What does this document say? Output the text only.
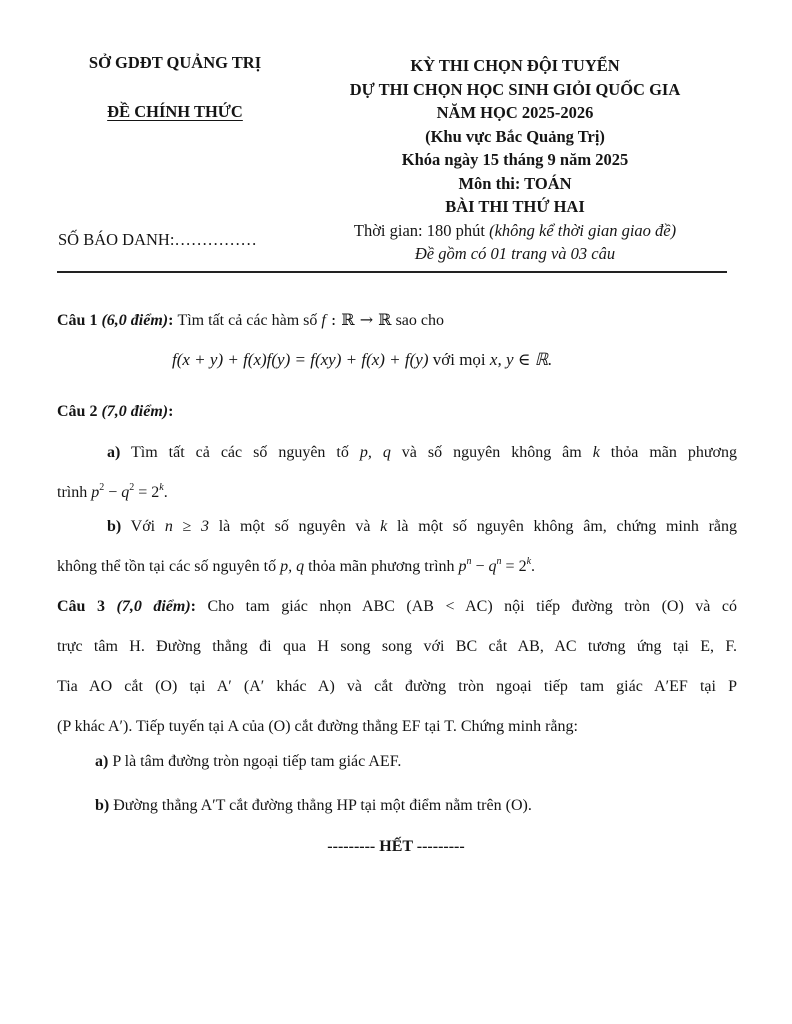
SỞ GDĐT QUẢNG TRỊ
ĐỀ CHÍNH THỨC
SỐ BÁO DANH:……………
KỲ THI CHỌN ĐỘI TUYỂN
DỰ THI CHỌN HỌC SINH GIỎI QUỐC GIA
NĂM HỌC 2025-2026
(Khu vực Bắc Quảng Trị)
Khóa ngày 15 tháng 9 năm 2025
Môn thi: TOÁN
BÀI THI THỨ HAI
Thời gian: 180 phút (không kể thời gian giao đề)
Đề gồm có 01 trang và 03 câu
Câu 1 (6,0 điểm): Tìm tất cả các hàm số f : ℝ → ℝ sao cho
f(x + y) + f(x)f(y) = f(xy) + f(x) + f(y) với mọi x, y ∈ ℝ.
Câu 2 (7,0 điểm):
a) Tìm tất cả các số nguyên tố p, q và số nguyên không âm k thỏa mãn phương
trình $p^2 - q^2 = 2^k$.
b) Với n ≥ 3 là một số nguyên và k là một số nguyên không âm, chứng minh rằng
không thể tồn tại các số nguyên tố p, q thỏa mãn phương trình $p^n - q^n = 2^k$.
Câu 3 (7,0 điểm): Cho tam giác nhọn ABC (AB < AC) nội tiếp đường tròn (O) và có
trực tâm H. Đường thẳng đi qua H song song với BC cắt AB, AC tương ứng tại E, F.
Tia AO cắt (O) tại A′ (A′ khác A) và cắt đường tròn ngoại tiếp tam giác A′EF tại P
(P khác A′). Tiếp tuyến tại A của (O) cắt đường thẳng EF tại T. Chứng minh rằng:
a) P là tâm đường tròn ngoại tiếp tam giác AEF.
b) Đường thẳng A′T cắt đường thẳng HP tại một điểm nằm trên (O).
--------- HẾT ---------
